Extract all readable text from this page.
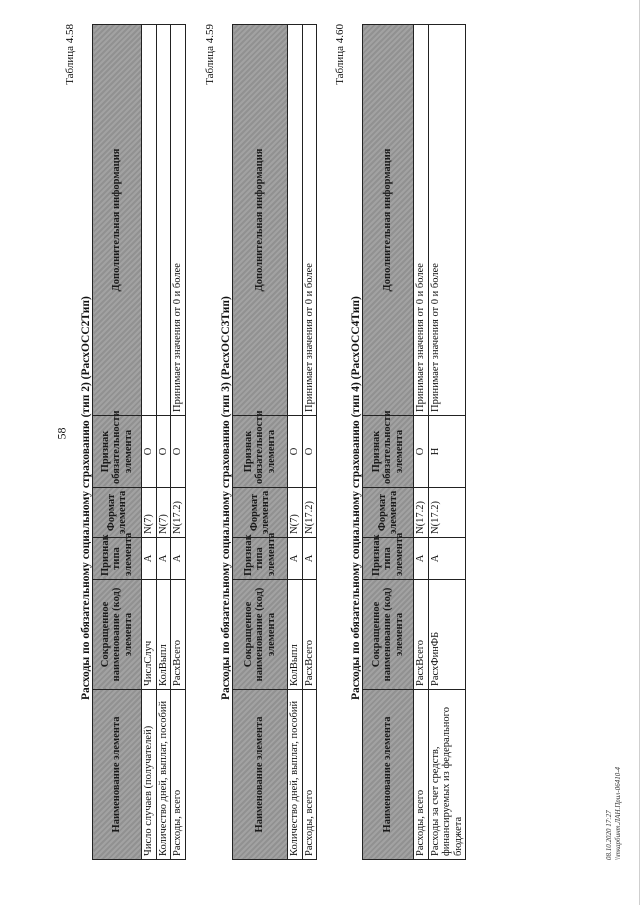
58
Таблица 4.58
Расходы по обязательному социальному страхованию (тип 2) (РасхОСС2Тип)
Наименование элемента	Сокращенное наименование (код) элемента	Признак типа элемента	Формат элемента	Признак обязательности элемента	Дополнительная информация
Число случаев (получателей)	ЧислСлуч	А	N(7)	О	
Количество дней, выплат, пособий	КолВыпл	А	N(7)	О	
Расходы, всего	РасхВсего	А	N(17.2)	О	Принимает значения от 0 и более
Таблица 4.59
Расходы по обязательному социальному страхованию (тип 3) (РасхОСС3Тип)
Наименование элемента	Сокращенное наименование (код) элемента	Признак типа элемента	Формат элемента	Признак обязательности элемента	Дополнительная информация
Количество дней, выплат, пособий	КолВыпл	А	N(7)	О	
Расходы, всего	РасхВсего	А	N(17.2)	О	Принимает значения от 0 и более
Таблица 4.60
Расходы по обязательному социальному страхованию (тип 4) (РасхОСС4Тип)
Наименование элемента	Сокращенное наименование (код) элемента	Признак типа элемента	Формат элемента	Признак обязательности элемента	Дополнительная информация
Расходы, всего	РасхВсего	А	N(17.2)	О	Принимает значения от 0 и более
Расходы за счет средств, финансируемых из федерального бюджета	РасхФинФБ	А	N(17.2)	Н	Принимает значения от 0 и более
08.10.2020 17:27 \\ткарбинт.ЛАН.Прил-06410-4
